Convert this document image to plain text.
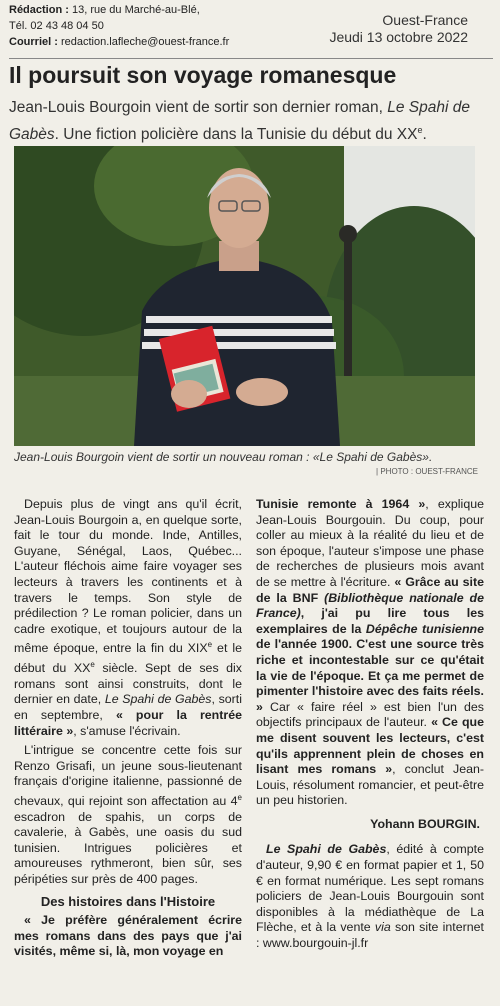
Rédaction : 13, rue du Marché-au-Blé,
Tél. 02 43 48 04 50
Courriel : redaction.lafleche@ouest-france.fr
Ouest-France
Jeudi 13 octobre 2022
Il poursuit son voyage romanesque
Jean-Louis Bourgoin vient de sortir son dernier roman, Le Spahi de Gabès. Une fiction policière dans la Tunisie du début du XXe.
Jean-Louis Bourgoin vient de sortir un nouveau roman : «Le Spahi de Gabès».
| PHOTO : OUEST-FRANCE

Depuis plus de vingt ans qu'il écrit, Jean-Louis Bourgoin a, en quelque sorte, fait le tour du monde. Inde, Antilles, Guyane, Sénégal, Laos, Québec... L'auteur fléchois aime faire voyager ses lecteurs à travers les continents et à travers le temps. Son style de prédilection ? Le roman policier, dans un cadre exotique, et toujours autour de la même époque, entre la fin du XIXe et le début du XXe siècle. Sept de ses dix romans sont ainsi construits, dont le dernier en date, Le Spahi de Gabès, sorti en septembre, « pour la rentrée littéraire », s'amuse l'écrivain.

L'intrigue se concentre cette fois sur Renzo Grisafi, un jeune sous-lieutenant français d'origine italienne, passionné de chevaux, qui rejoint son affectation au 4e escadron de spahis, un corps de cavalerie, à Gabès, une oasis du sud tunisien. Intrigues policières et amoureuses rythmeront, bien sûr, ses péripéties sur près de 400 pages.

Des histoires dans l'Histoire

« Je préfère généralement écrire mes romans dans des pays que j'ai visités, même si, là, mon voyage en

Tunisie remonte à 1964 », explique Jean-Louis Bourgouin. Du coup, pour coller au mieux à la réalité du lieu et de son époque, l'auteur s'impose une phase de recherches de plusieurs mois avant de se mettre à l'écriture. « Grâce au site de la BNF (Bibliothèque nationale de France), j'ai pu lire tous les exemplaires de la Dépêche tunisienne de l'année 1900. C'est une source très riche et incontestable sur ce qu'était la vie de l'époque. Et ça me permet de pimenter l'histoire avec des faits réels. » Car « faire réel » est bien l'un des objectifs principaux de l'auteur. « Ce que me disent souvent les lecteurs, c'est qu'ils apprennent plein de choses en lisant mes romans », conclut Jean-Louis, résolument romancier, et peut-être un peu historien.

Yohann BOURGIN.

Le Spahi de Gabès, édité à compte d'auteur, 9,90 € en format papier et 1, 50 € en format numérique. Les sept romans policiers de Jean-Louis Bourgouin sont disponibles à la médiathèque de La Flèche, et à la vente via son site internet : www.bourgouin-jl.fr
